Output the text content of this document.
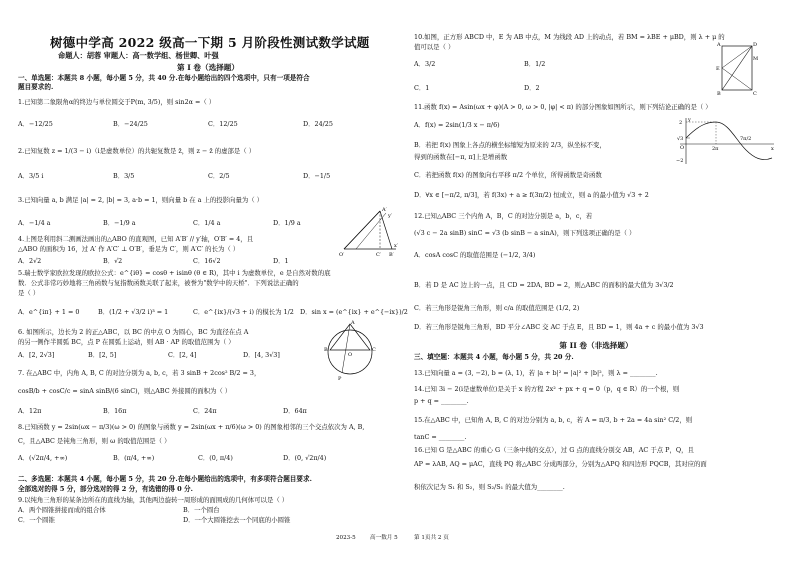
树德中学高 2022 级高一下期 5 月阶段性测试数学试题
命题人：胡蓉 审题人：高一数学组、杨世卿、叶强
第 I 卷（选择题）
一、单选题：本题共 8 小题，每小题 5 分，共 40 分.在每小题给出的四个选项中，只有一项是符合
题目要求的.
1.已知第二象限角α的终边与单位圆交于P(m, 3/5)，则 sin2α =（ ）
A．−12/25	B．−24/25	C．12/25	D．24/25
2.已知复数 z = 1/(3 − i)（i是虚数单位）的共轭复数是 z̄，则 z − z̄ 的虚部是（ ）
A．3/5 i	B．3/5	C．2/5	D．−1/5
3.已知向量 a, b 满足 |a| = 2, |b| = 3, a·b = 1，则向量 b 在 a 上的投影向量为（ ）
A．−1/4 a	B．−1/9 a	C．1/4 a	D．1/9 a
4.上图是利用斜二测画法画出的△ABO 的直观图，已知 A′B′ // y′轴，O′B′ = 4，且
△ABO 的面积为 16，过 A′ 作 A′C′ ⊥ O′B′，垂足为 C′，则 A′C′ 的长为（ ）
A．2√2	B．√2	C．16√2	D．1
O′	C′ B′
A′
y′
x′
5.瑞士数学家欧拉发现的欧拉公式：e^{iθ} = cosθ + isinθ (θ ∈ R)，其中 i 为虚数单位，e 是自然对数的底
数．公式非常巧妙地将三角函数与复指数函数关联了起来，被誉为"数学中的天桥"．下列说法正确的
是（ ）
A．e^{iπ} + 1 = 0	B．(1/2 + √3/2 i)³ = 1	C．e^{ix}/(√3 + i) 的模长为 1/2 D．sin x = (e^{ix} + e^{−ix})/2
6. 如图所示，边长为 2 的正△ABC，以 BC 的中点 O 为圆心，BC 为直径在点 A
的另一侧作半圆弧 BC，点 P 在圆弧上运动，则 AB · AP 的取值范围为（ ）
A．[2, 2√3]	B．[2, 5]	C．[2, 4]	D．[4, 3√3]
A
B	C
O
P
7. 在△ABC 中，内角 A, B, C 的对边分别为 a, b, c，若 3 sinB + 2cos² B/2 = 3，
cosB/b + cosC/c = sinA sinB/(6 sinC)，则△ABC 外接圆的面积为（ ）
A．12π	B．16π	C．24π	D．64π
8.已知函数 y = 2sin(ωx − π/3)(ω > 0) 的图象与函数 y = 2sin(ωx + π/6)(ω > 0) 的图象相邻的三个交点依次为 A, B,
C，且△ABC 是钝角三角形，则 ω 的取值范围是（ ）
A．(√2π/4, +∞)	B．(π/4, +∞)	C．(0, π/4)	D．(0, √2π/4)
二、多选题：本题共 4 小题，每小题 5 分，共 20 分.在每小题给出的选项中，有多项符合题目要求.
全部选对的得 5 分，部分选对的得 2 分，有选错的得 0 分.
9.以纯角三角形的某条边所在的直线为轴，其他两边旋转一周形成的面围成的几何体可以是（ ）
A．两个圆锥拼接而成的组合体	B．一个圆台
C．一个圆锥	D．一个大圆锥挖去一个同底的小圆锥
10.如图，正方形 ABCD 中，E 为 AB 中点，M 为线段 AD 上的动点，若 BM = λBE + μBD，则 λ + μ 的
值可以是（ ）
A．3/2	B．1/2
C．1	D．2
A	D
B	C
E
M
11.函数 f(x) = Asin(ωx + φ)(A > 0, ω > 0, |φ| < π) 的部分图象如图所示，则下列结论正确的是（ ）
A．f(x) = 2sin(1/3 x − π/6)
B．若把 f(x) 图象上各点的横坐标缩短为原来的 2/3，纵坐标不变，
得到的函数在[−π, π]上是增函数
C．若把函数 f(x) 的图象向右平移 π/2 个单位，所得函数是奇函数
D．∀x ∈ [−π/2, π/3]，若 f(3x) + a ≥ f(3π/2) 恒成立，则 a 的最小值为 √3 + 2
2
√3
O
−2
2π
7π/2
x
y
12.已知△ABC 三个内角 A，B，C 的对边分别是 a，b，c，若
(√3 c − 2a sinB) sinC = √3 (b sinB − a sinA)，则下列选项正确的是（ ）
A．cosA cosC 的取值范围是 (−1/2, 3/4)
B．若 D 是 AC 边上的一点，且 CD = 2DA, BD = 2，则△ABC 的面积的最大值为 3√3/2
C．若三角形是锐角三角形，则 c/a 的取值范围是 (1/2, 2)
D．若三角形是锐角三角形，BD 平分∠ABC 交 AC 于点 E，且 BD = 1，则 4a + c 的最小值为 3√3
第 II 卷（非选择题）
三、填空题：本题共 4 小题，每小题 5 分，共 20 分.
13.已知向量 a = (3, −2), b = (λ, 1)，若 |a + b|² = |a|² + |b|²，则 λ = ________.
14.已知 3i − 2(i是虚数单位)是关于 x 的方程 2x² + px + q = 0（p，q ∈ R）的一个根，则
p + q = ________.
15.在△ABC 中，已知角 A, B, C 的对边分别为 a, b, c，若 A = π/3, b + 2a = 4a sin² C/2，则
tanC = ________.
16.已知 G 是△ABC 的重心 G（三条中线的交点），过 G 点的直线分别交 AB，AC 于点 P，Q，且
AP = λAB, AQ = μAC，直线 PQ 将△ABC 分成两部分，分别为△APQ 和四边形 PQCB，其对应的面
积依次记为 S₁ 和 S₂，则 S₂/S₁ 的最大值为________.
2023-5	高一数月 5	第 1页共 2 页
